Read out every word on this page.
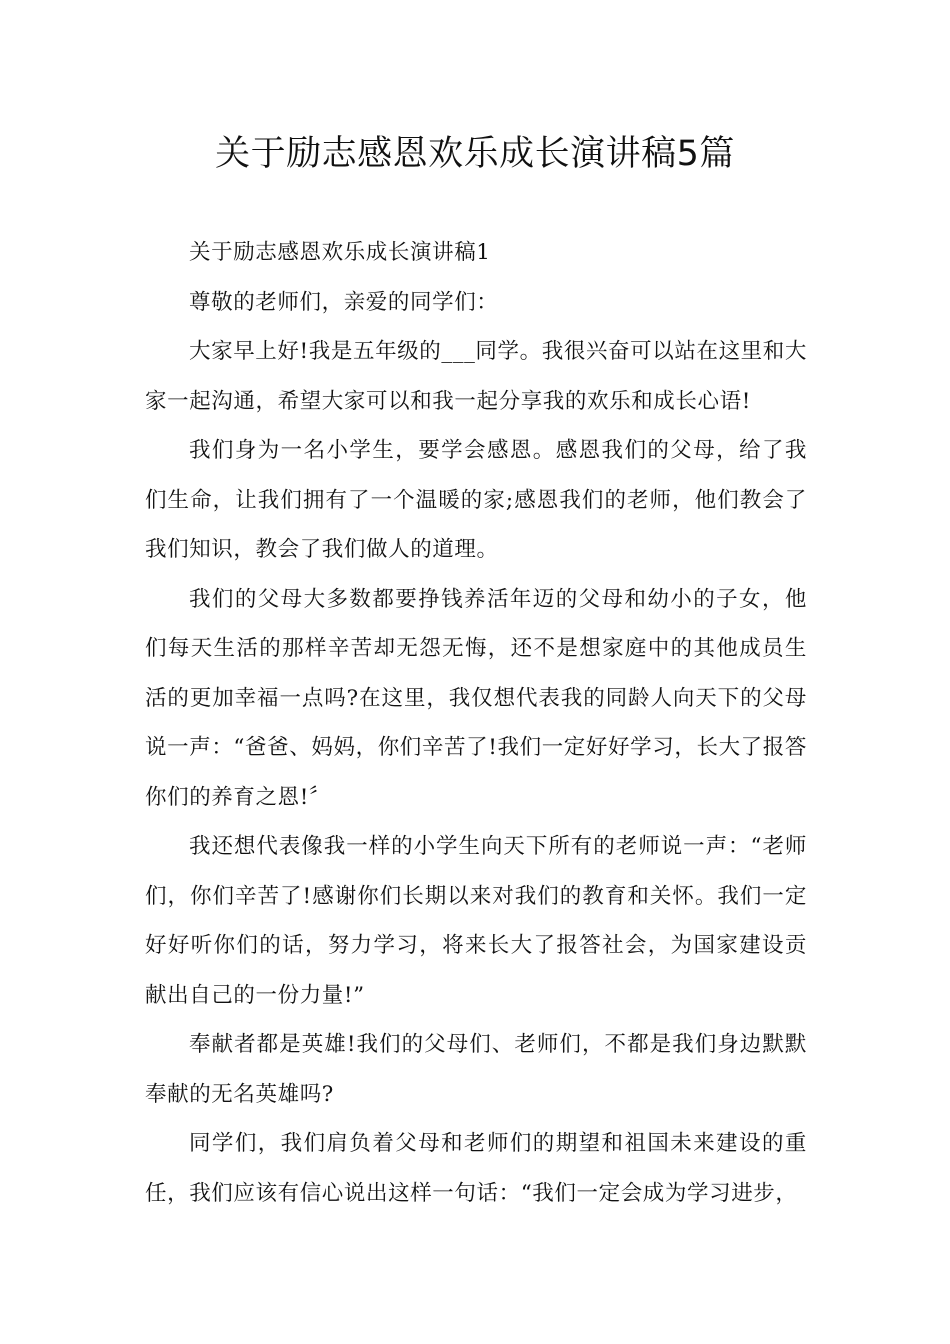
关于励志感恩欢乐成长演讲稿5篇

关于励志感恩欢乐成长演讲稿1

尊敬的老师们，亲爱的同学们：

大家早上好!我是五年级的___同学。我很兴奋可以站在这里和大家一起沟通，希望大家可以和我一起分享我的欢乐和成长心语!

我们身为一名小学生，要学会感恩。感恩我们的父母，给了我们生命，让我们拥有了一个温暖的家;感恩我们的老师，他们教会了我们知识，教会了我们做人的道理。

我们的父母大多数都要挣钱养活年迈的父母和幼小的子女，他们每天生活的那样辛苦却无怨无悔，还不是想家庭中的其他成员生活的更加幸福一点吗?在这里，我仅想代表我的同龄人向天下的父母说一声：“爸爸、妈妈，你们辛苦了!我们一定好好学习，长大了报答你们的养育之恩!〞

我还想代表像我一样的小学生向天下所有的老师说一声：“老师们，你们辛苦了!感谢你们长期以来对我们的教育和关怀。我们一定好好听你们的话，努力学习，将来长大了报答社会，为国家建设贡献出自己的一份力量!”

奉献者都是英雄!我们的父母们、老师们，不都是我们身边默默奉献的无名英雄吗?

同学们，我们肩负着父母和老师们的期望和祖国未来建设的重任，我们应该有信心说出这样一句话：“我们一定会成为学习进步，
